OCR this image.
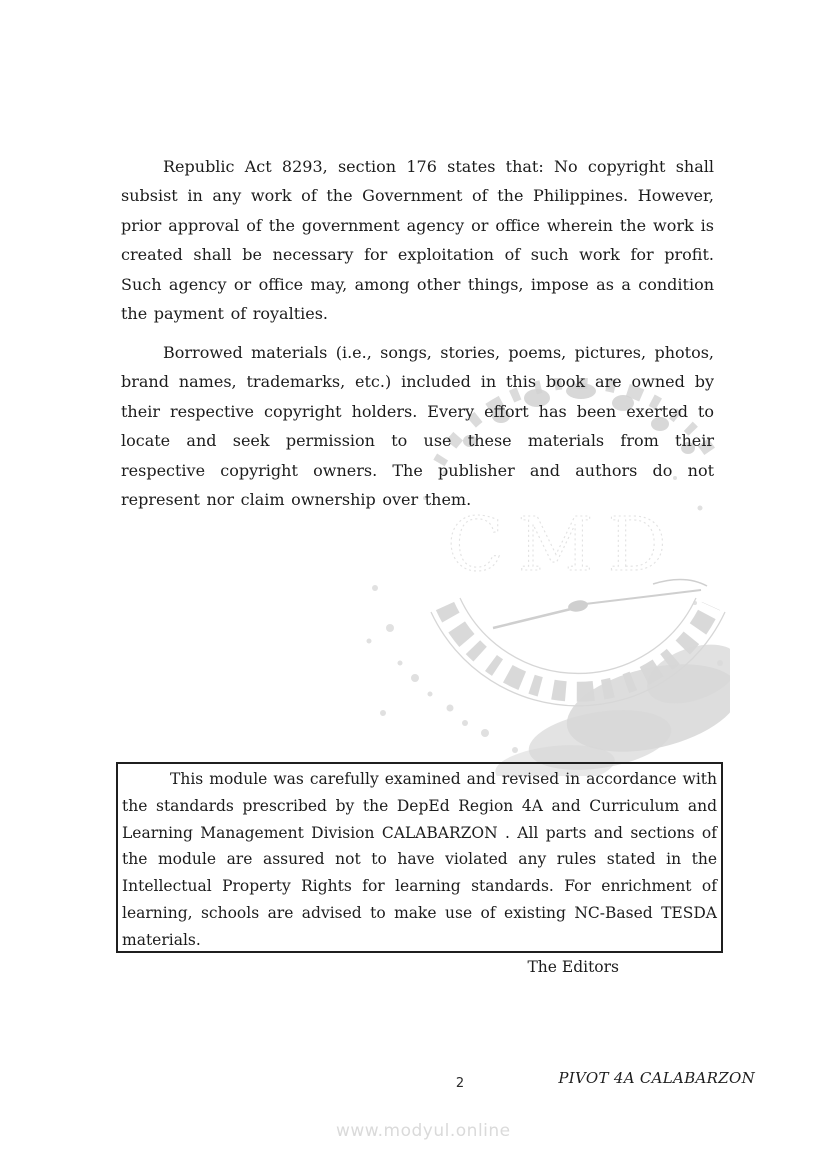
CMD

Republic Act 8293, section 176 states that: No copyright shall subsist in any work of the Government of the Philippines. However, prior approval of the government agency or office wherein the work is created shall be necessary for exploitation of such work for profit. Such agency or office may, among other things, impose as a condition the payment of royalties.

Borrowed materials (i.e., songs, stories, poems, pictures, photos, brand names, trademarks, etc.) included in this book are owned by their respective copyright holders. Every effort has been exerted to locate and seek permission to use these materials from their respective copyright owners. The publisher and authors do not represent nor claim ownership over them.

This module was carefully examined and revised in accordance with the standards prescribed by the DepEd Region 4A and Curriculum and Learning Management Division CALABARZON . All parts and sections of the module are assured not to have violated any rules stated in the Intellectual Property Rights for learning standards. For enrichment of learning, schools are advised to make use of existing NC-Based TESDA materials.

The Editors
2	PIVOT 4A CALABARZON
www.modyul.online
